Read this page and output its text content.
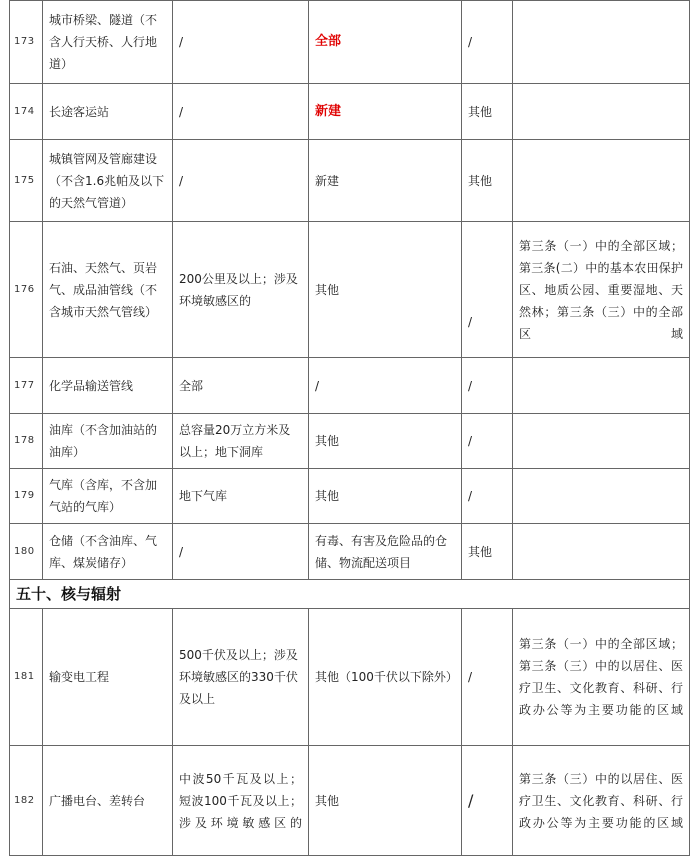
173	城市桥梁、隧道（不含人行天桥、人行地道）	/	全部	/	
174	长途客运站	/	新建	其他	
175	城镇管网及管廊建设（不含1.6兆帕及以下的天然气管道）	/	新建	其他	
176	石油、天然气、页岩气、成品油管线（不含城市天然气管线）	200公里及以上；涉及环境敏感区的	其他	/	第三条（一）中的全部区域；第三条(二）中的基本农田保护区、地质公园、重要湿地、天然林；第三条（三）中的全部区域
177	化学品输送管线	全部	/	/	
178	油库（不含加油站的油库）	总容量20万立方米及以上；地下洞库	其他	/	
179	气库（含库，不含加气站的气库）	地下气库	其他	/	
180	仓储（不含油库、气库、煤炭储存）	/	有毒、有害及危险品的仓储、物流配送项目	其他	
五十、核与辐射					
181	输变电工程	500千伏及以上；涉及环境敏感区的330千伏及以上	其他（100千伏以下除外）	/	第三条（一）中的全部区域；第三条（三）中的以居住、医疗卫生、文化教育、科研、行政办公等为主要功能的区域
182	广播电台、差转台	中波50千瓦及以上；短波100千瓦及以上；涉及环境敏感区的	其他	/	第三条（三）中的以居住、医疗卫生、文化教育、科研、行政办公等为主要功能的区域
